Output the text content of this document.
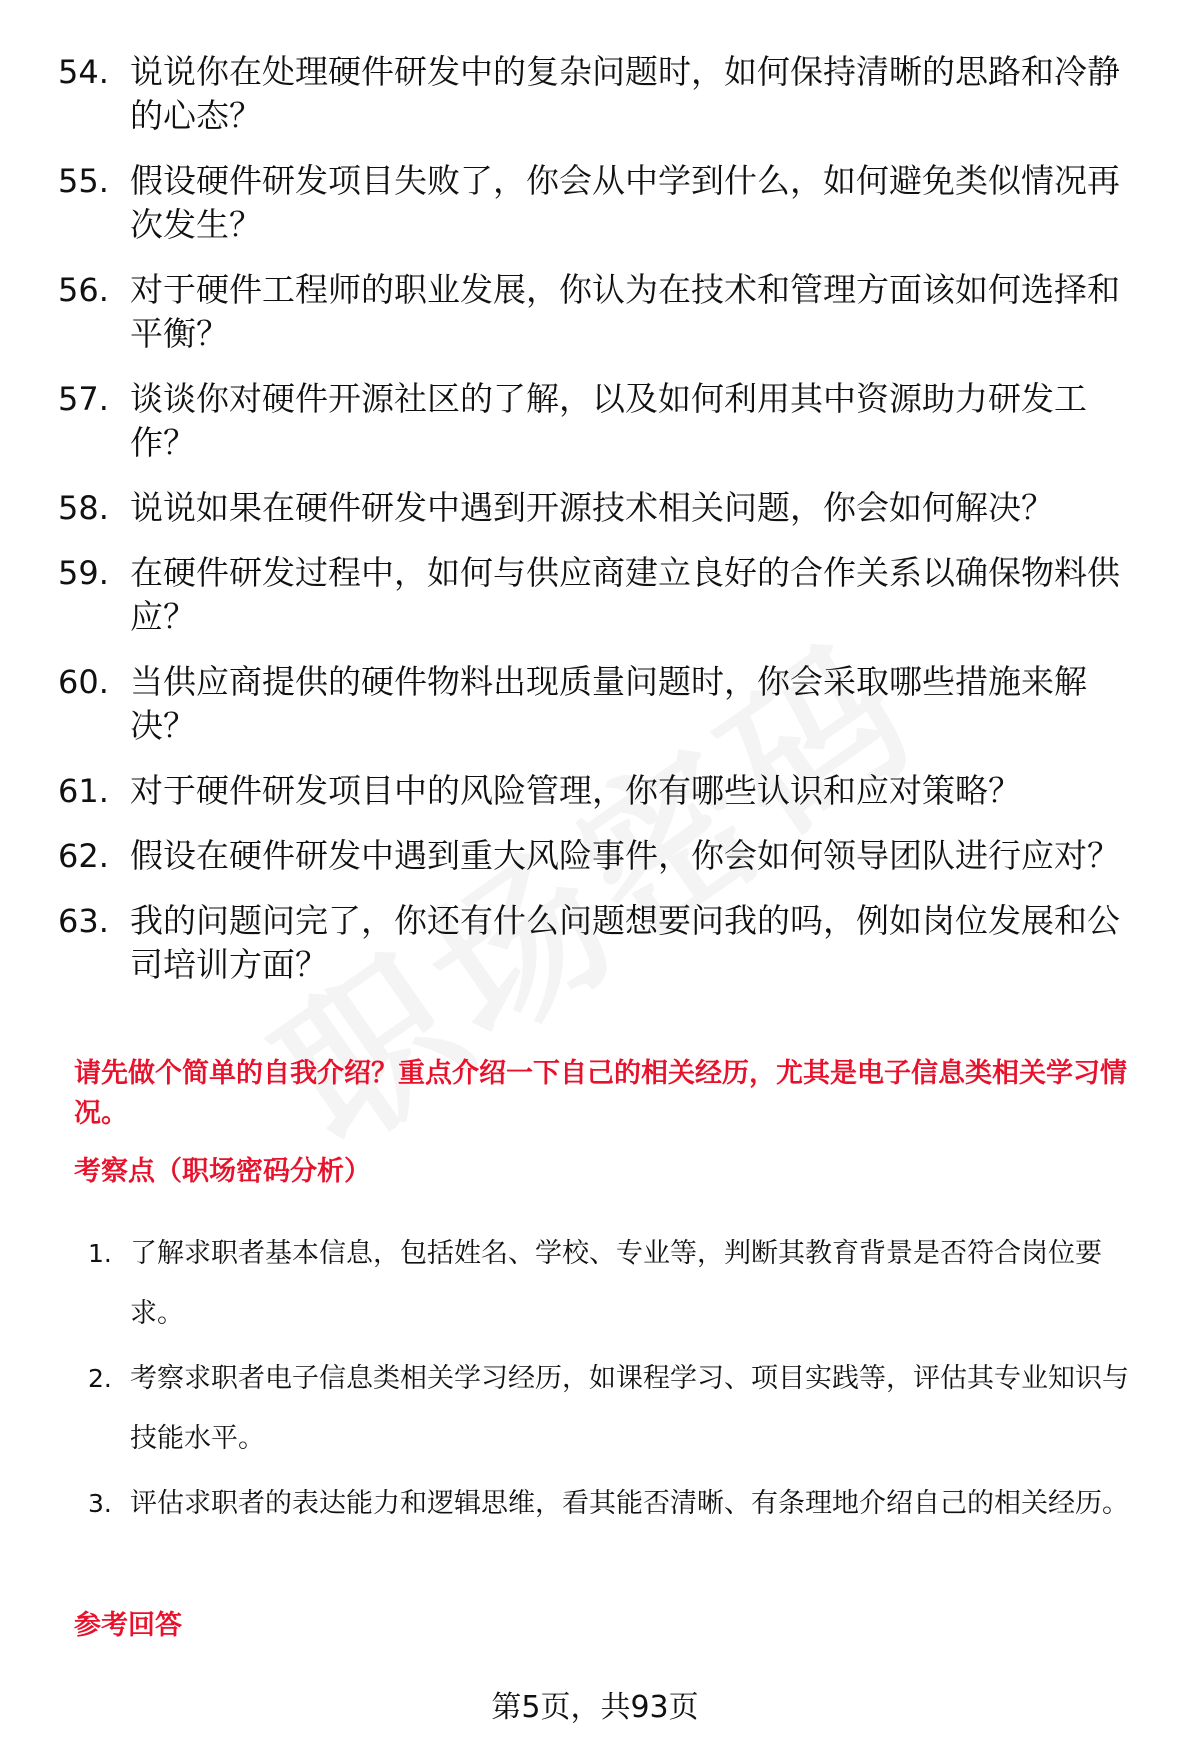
54. 说说你在处理硬件研发中的复杂问题时，如何保持清晰的思路和冷静的心态？
55. 假设硬件研发项目失败了，你会从中学到什么，如何避免类似情况再次发生？
56. 对于硬件工程师的职业发展，你认为在技术和管理方面该如何选择和平衡？
57. 谈谈你对硬件开源社区的了解，以及如何利用其中资源助力研发工作？
58. 说说如果在硬件研发中遇到开源技术相关问题，你会如何解决？
59. 在硬件研发过程中，如何与供应商建立良好的合作关系以确保物料供应？
60. 当供应商提供的硬件物料出现质量问题时，你会采取哪些措施来解决？
61. 对于硬件研发项目中的风险管理，你有哪些认识和应对策略？
62. 假设在硬件研发中遇到重大风险事件，你会如何领导团队进行应对？
63. 我的问题问完了，你还有什么问题想要问我的吗，例如岗位发展和公司培训方面？

请先做个简单的自我介绍？重点介绍一下自己的相关经历，尤其是电子信息类相关学习情况。

考察点（职场密码分析）

1. 了解求职者基本信息，包括姓名、学校、专业等，判断其教育背景是否符合岗位要求。
2. 考察求职者电子信息类相关学习经历，如课程学习、项目实践等，评估其专业知识与技能水平。
3. 评估求职者的表达能力和逻辑思维，看其能否清晰、有条理地介绍自己的相关经历。

参考回答

第5页，共93页
